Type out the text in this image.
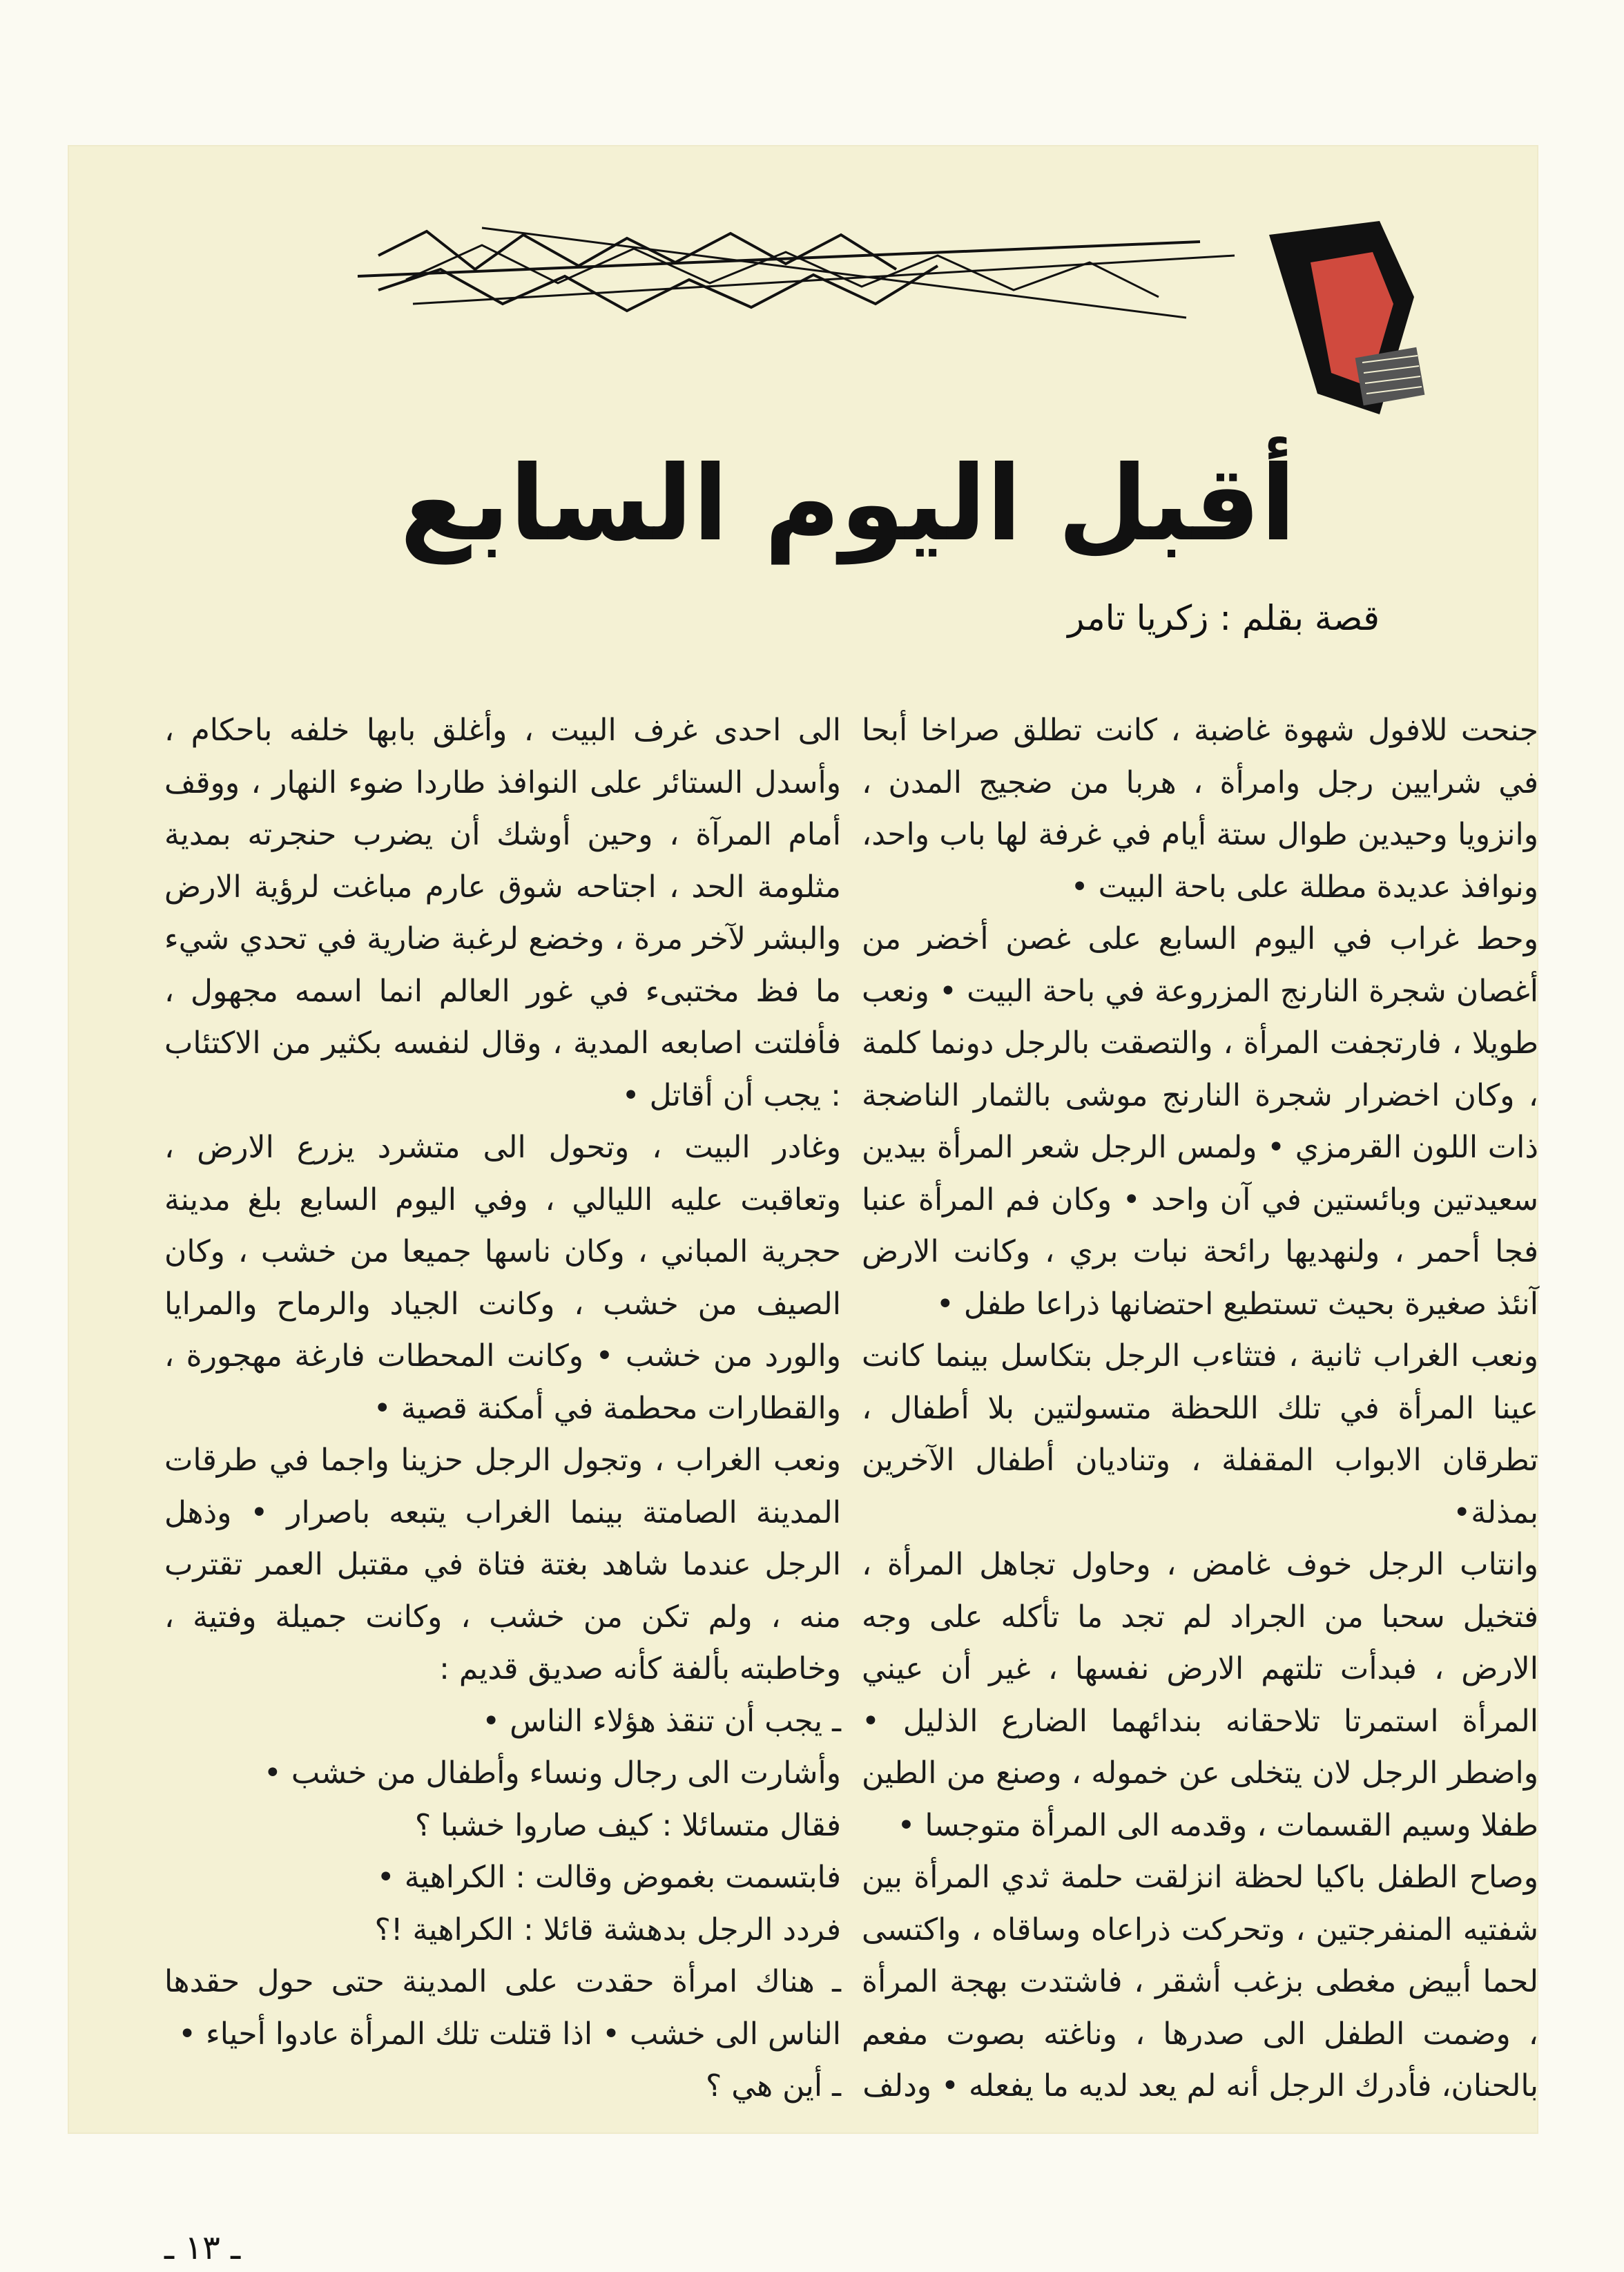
أقبل اليوم السابع
قصة بقلم : زكريا تامر

جنحت للافول شهوة غاضبة ، كانت تطلق صراخا أبحا في شرايين رجل وامرأة ، هربا من ضجيج المدن ، وانزويا وحيدين طوال ستة أيام في غرفة لها باب واحد، ونوافذ عديدة مطلة على باحة البيت •

وحط غراب في اليوم السابع على غصن أخضر من أغصان شجرة النارنج المزروعة في باحة البيت • ونعب طويلا ، فارتجفت المرأة ، والتصقت بالرجل دونما كلمة ، وكان اخضرار شجرة النارنج موشى بالثمار الناضجة ذات اللون القرمزي • ولمس الرجل شعر المرأة بيدين سعيدتين وبائستين في آن واحد • وكان فم المرأة عنبا فجا أحمر ، ولنهديها رائحة نبات بري ، وكانت الارض آنئذ صغيرة بحيث تستطيع احتضانها ذراعا طفل •

ونعب الغراب ثانية ، فتثاءب الرجل بتكاسل بينما كانت عينا المرأة في تلك اللحظة متسولتين بلا أطفال ، تطرقان الابواب المقفلة ، وتناديان أطفال الآخرين بمذلة•

وانتاب الرجل خوف غامض ، وحاول تجاهل المرأة ، فتخيل سحبا من الجراد لم تجد ما تأكله على وجه الارض ، فبدأت تلتهم الارض نفسها ، غير أن عيني المرأة استمرتا تلاحقانه بندائهما الضارع الذليل • واضطر الرجل لان يتخلى عن خموله ، وصنع من الطين طفلا وسيم القسمات ، وقدمه الى المرأة متوجسا •

وصاح الطفل باكيا لحظة انزلقت حلمة ثدي المرأة بين شفتيه المنفرجتين ، وتحركت ذراعاه وساقاه ، واكتسى لحما أبيض مغطى بزغب أشقر ، فاشتدت بهجة المرأة ، وضمت الطفل الى صدرها ، وناغته بصوت مفعم بالحنان، فأدرك الرجل أنه لم يعد لديه ما يفعله • ودلف

الى احدى غرف البيت ، وأغلق بابها خلفه باحكام ، وأسدل الستائر على النوافذ طاردا ضوء النهار ، ووقف أمام المرآة ، وحين أوشك أن يضرب حنجرته بمدية مثلومة الحد ، اجتاحه شوق عارم مباغت لرؤية الارض والبشر لآخر مرة ، وخضع لرغبة ضارية في تحدي شيء ما فظ مختبىء في غور العالم انما اسمه مجهول ، فأفلتت اصابعه المدية ، وقال لنفسه بكثير من الاكتئاب : يجب أن أقاتل •

وغادر البيت ، وتحول الى متشرد يزرع الارض ، وتعاقبت عليه الليالي ، وفي اليوم السابع بلغ مدينة حجرية المباني ، وكان ناسها جميعا من خشب ، وكان الصيف من خشب ، وكانت الجياد والرماح والمرايا والورد من خشب • وكانت المحطات فارغة مهجورة ، والقطارات محطمة في أمكنة قصية •

ونعب الغراب ، وتجول الرجل حزينا واجما في طرقات المدينة الصامتة بينما الغراب يتبعه باصرار • وذهل الرجل عندما شاهد بغتة فتاة في مقتبل العمر تقترب منه ، ولم تكن من خشب ، وكانت جميلة وفتية ، وخاطبته بألفة كأنه صديق قديم :

ـ يجب أن تنقذ هؤلاء الناس •

وأشارت الى رجال ونساء وأطفال من خشب •

فقال متسائلا : كيف صاروا خشبا ؟

فابتسمت بغموض وقالت : الكراهية •

فردد الرجل بدهشة قائلا : الكراهية !؟

ـ هناك امرأة حقدت على المدينة حتى حول حقدها الناس الى خشب • اذا قتلت تلك المرأة عادوا أحياء •

ـ أين هي ؟

ـ ١٣ ـ
